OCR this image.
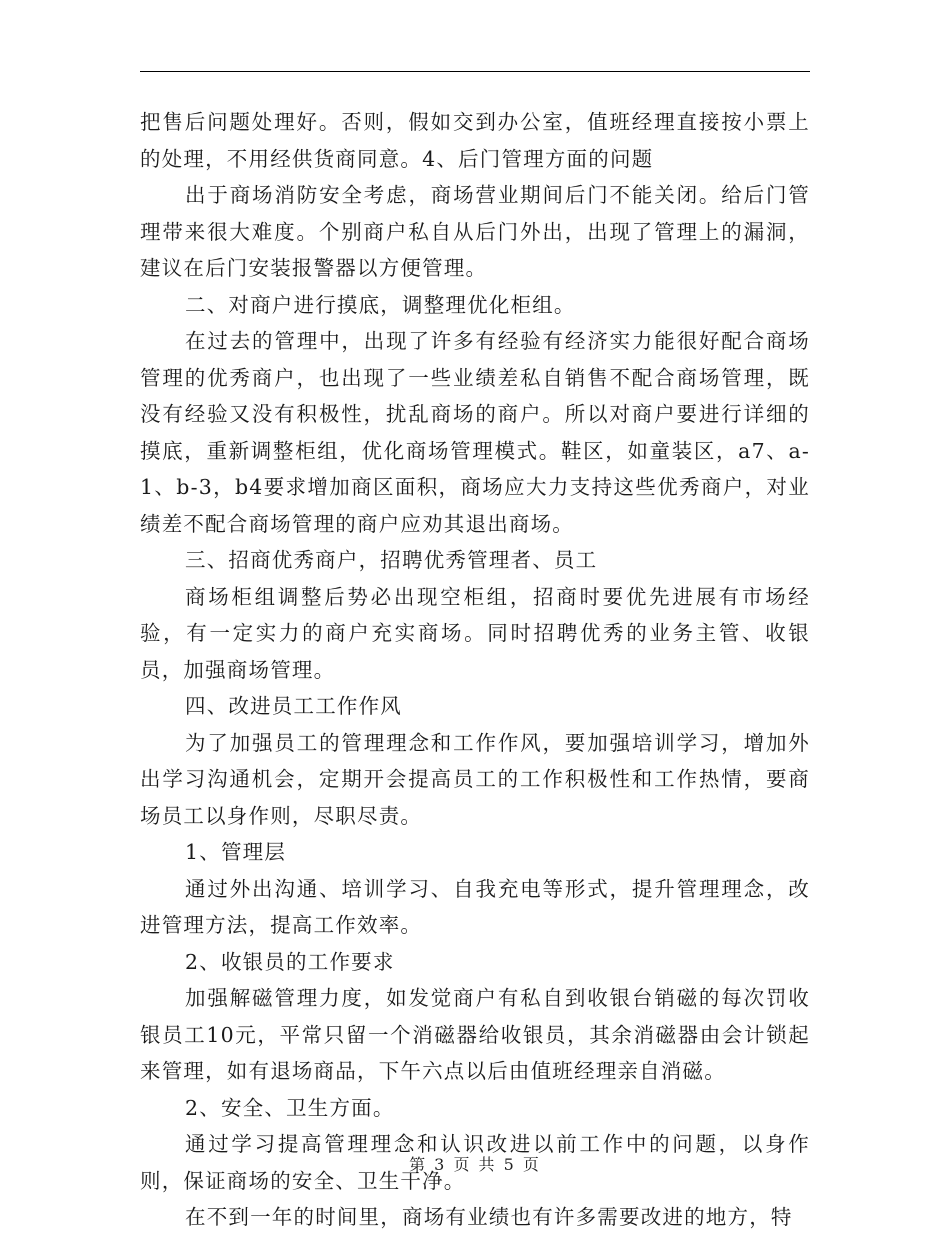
把售后问题处理好。否则，假如交到办公室，值班经理直接按小票上的处理，不用经供货商同意。4、后门管理方面的问题

出于商场消防安全考虑，商场营业期间后门不能关闭。给后门管理带来很大难度。个别商户私自从后门外出，出现了管理上的漏洞，建议在后门安装报警器以方便管理。

二、对商户进行摸底，调整理优化柜组。

在过去的管理中，出现了许多有经验有经济实力能很好配合商场管理的优秀商户，也出现了一些业绩差私自销售不配合商场管理，既没有经验又没有积极性，扰乱商场的商户。所以对商户要进行详细的摸底，重新调整柜组，优化商场管理模式。鞋区，如童装区，a7、a-1、b-3，b4要求增加商区面积，商场应大力支持这些优秀商户，对业绩差不配合商场管理的商户应劝其退出商场。

三、招商优秀商户，招聘优秀管理者、员工

商场柜组调整后势必出现空柜组，招商时要优先进展有市场经验，有一定实力的商户充实商场。同时招聘优秀的业务主管、收银员，加强商场管理。

四、改进员工工作作风

为了加强员工的管理理念和工作作风，要加强培训学习，增加外出学习沟通机会，定期开会提高员工的工作积极性和工作热情，要商场员工以身作则，尽职尽责。

1、管理层

通过外出沟通、培训学习、自我充电等形式，提升管理理念，改进管理方法，提高工作效率。

2、收银员的工作要求

加强解磁管理力度，如发觉商户有私自到收银台销磁的每次罚收银员工10元，平常只留一个消磁器给收银员，其余消磁器由会计锁起来管理，如有退场商品，下午六点以后由值班经理亲自消磁。

2、安全、卫生方面。

通过学习提高管理理念和认识改进以前工作中的问题，以身作则，保证商场的安全、卫生干净。

在不到一年的时间里，商场有业绩也有许多需要改进的地方，特

第 3 页 共 5 页
